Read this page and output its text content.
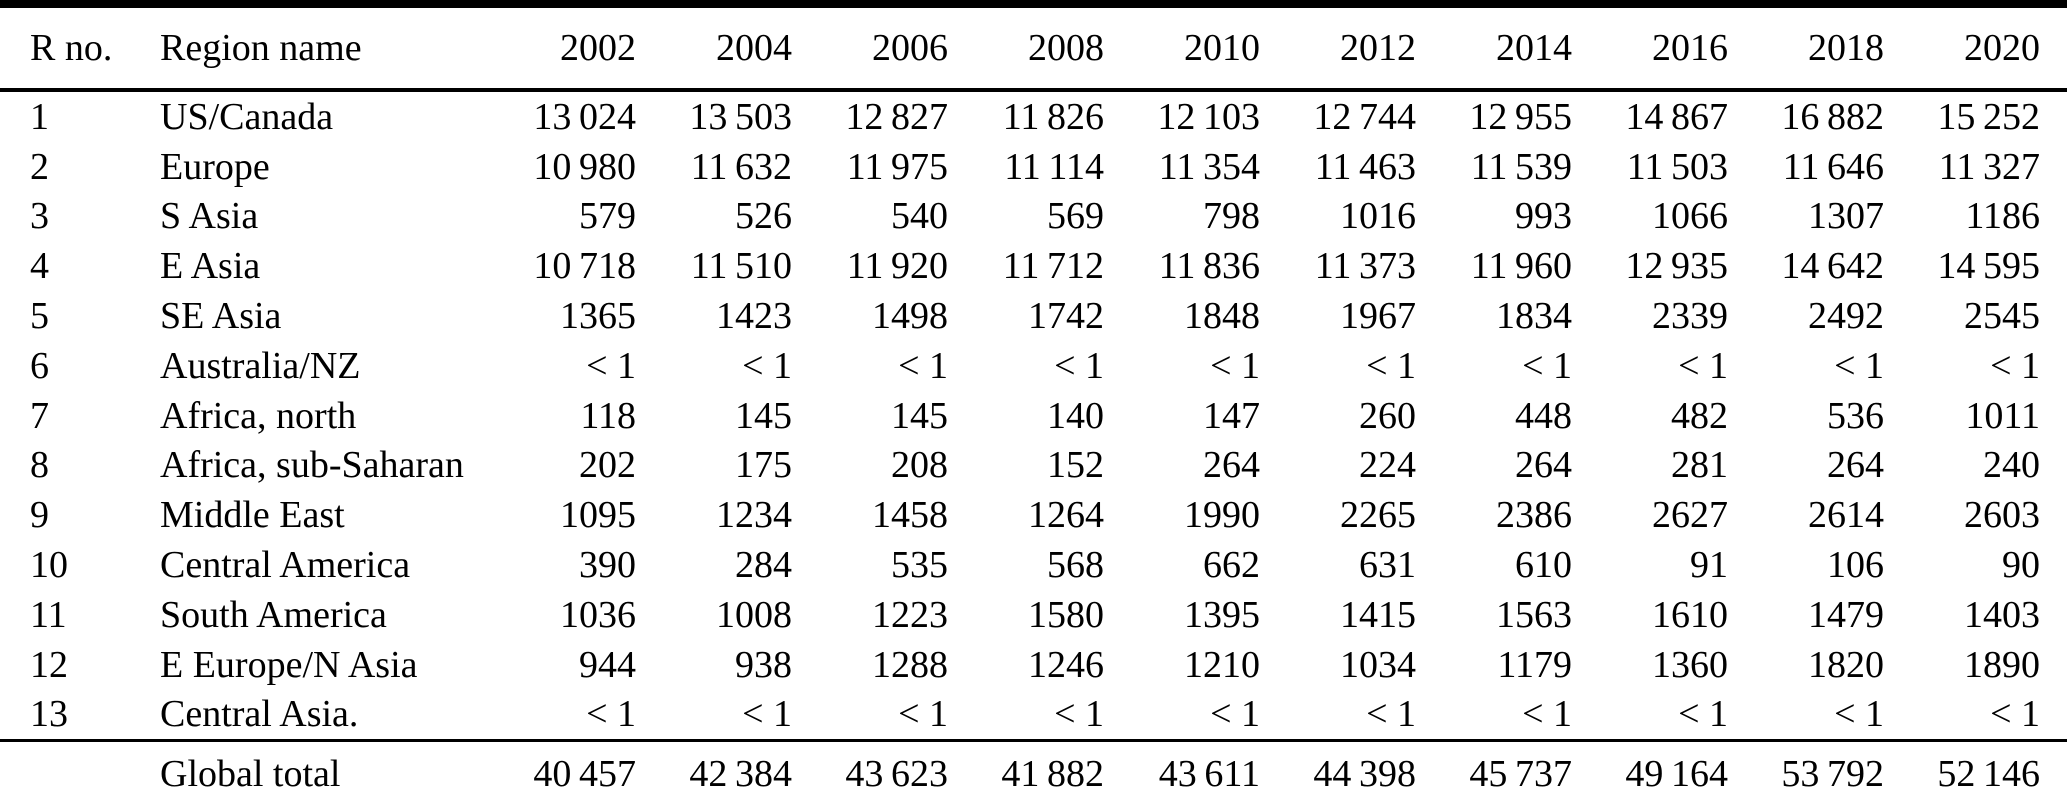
R no.	Region name	2002	2004	2006	2008	2010	2012	2014	2016	2018	2020
1	US/Canada	13 024	13 503	12 827	11 826	12 103	12 744	12 955	14 867	16 882	15 252
2	Europe	10 980	11 632	11 975	11 114	11 354	11 463	11 539	11 503	11 646	11 327
3	S Asia	579	526	540	569	798	1016	993	1066	1307	1186
4	E Asia	10 718	11 510	11 920	11 712	11 836	11 373	11 960	12 935	14 642	14 595
5	SE Asia	1365	1423	1498	1742	1848	1967	1834	2339	2492	2545
6	Australia/NZ	< 1	< 1	< 1	< 1	< 1	< 1	< 1	< 1	< 1	< 1
7	Africa, north	118	145	145	140	147	260	448	482	536	1011
8	Africa, sub-Saharan	202	175	208	152	264	224	264	281	264	240
9	Middle East	1095	1234	1458	1264	1990	2265	2386	2627	2614	2603
10	Central America	390	284	535	568	662	631	610	91	106	90
11	South America	1036	1008	1223	1580	1395	1415	1563	1610	1479	1403
12	E Europe/N Asia	944	938	1288	1246	1210	1034	1179	1360	1820	1890
13	Central Asia.	< 1	< 1	< 1	< 1	< 1	< 1	< 1	< 1	< 1	< 1
	Global total	40 457	42 384	43 623	41 882	43 611	44 398	45 737	49 164	53 792	52 146
